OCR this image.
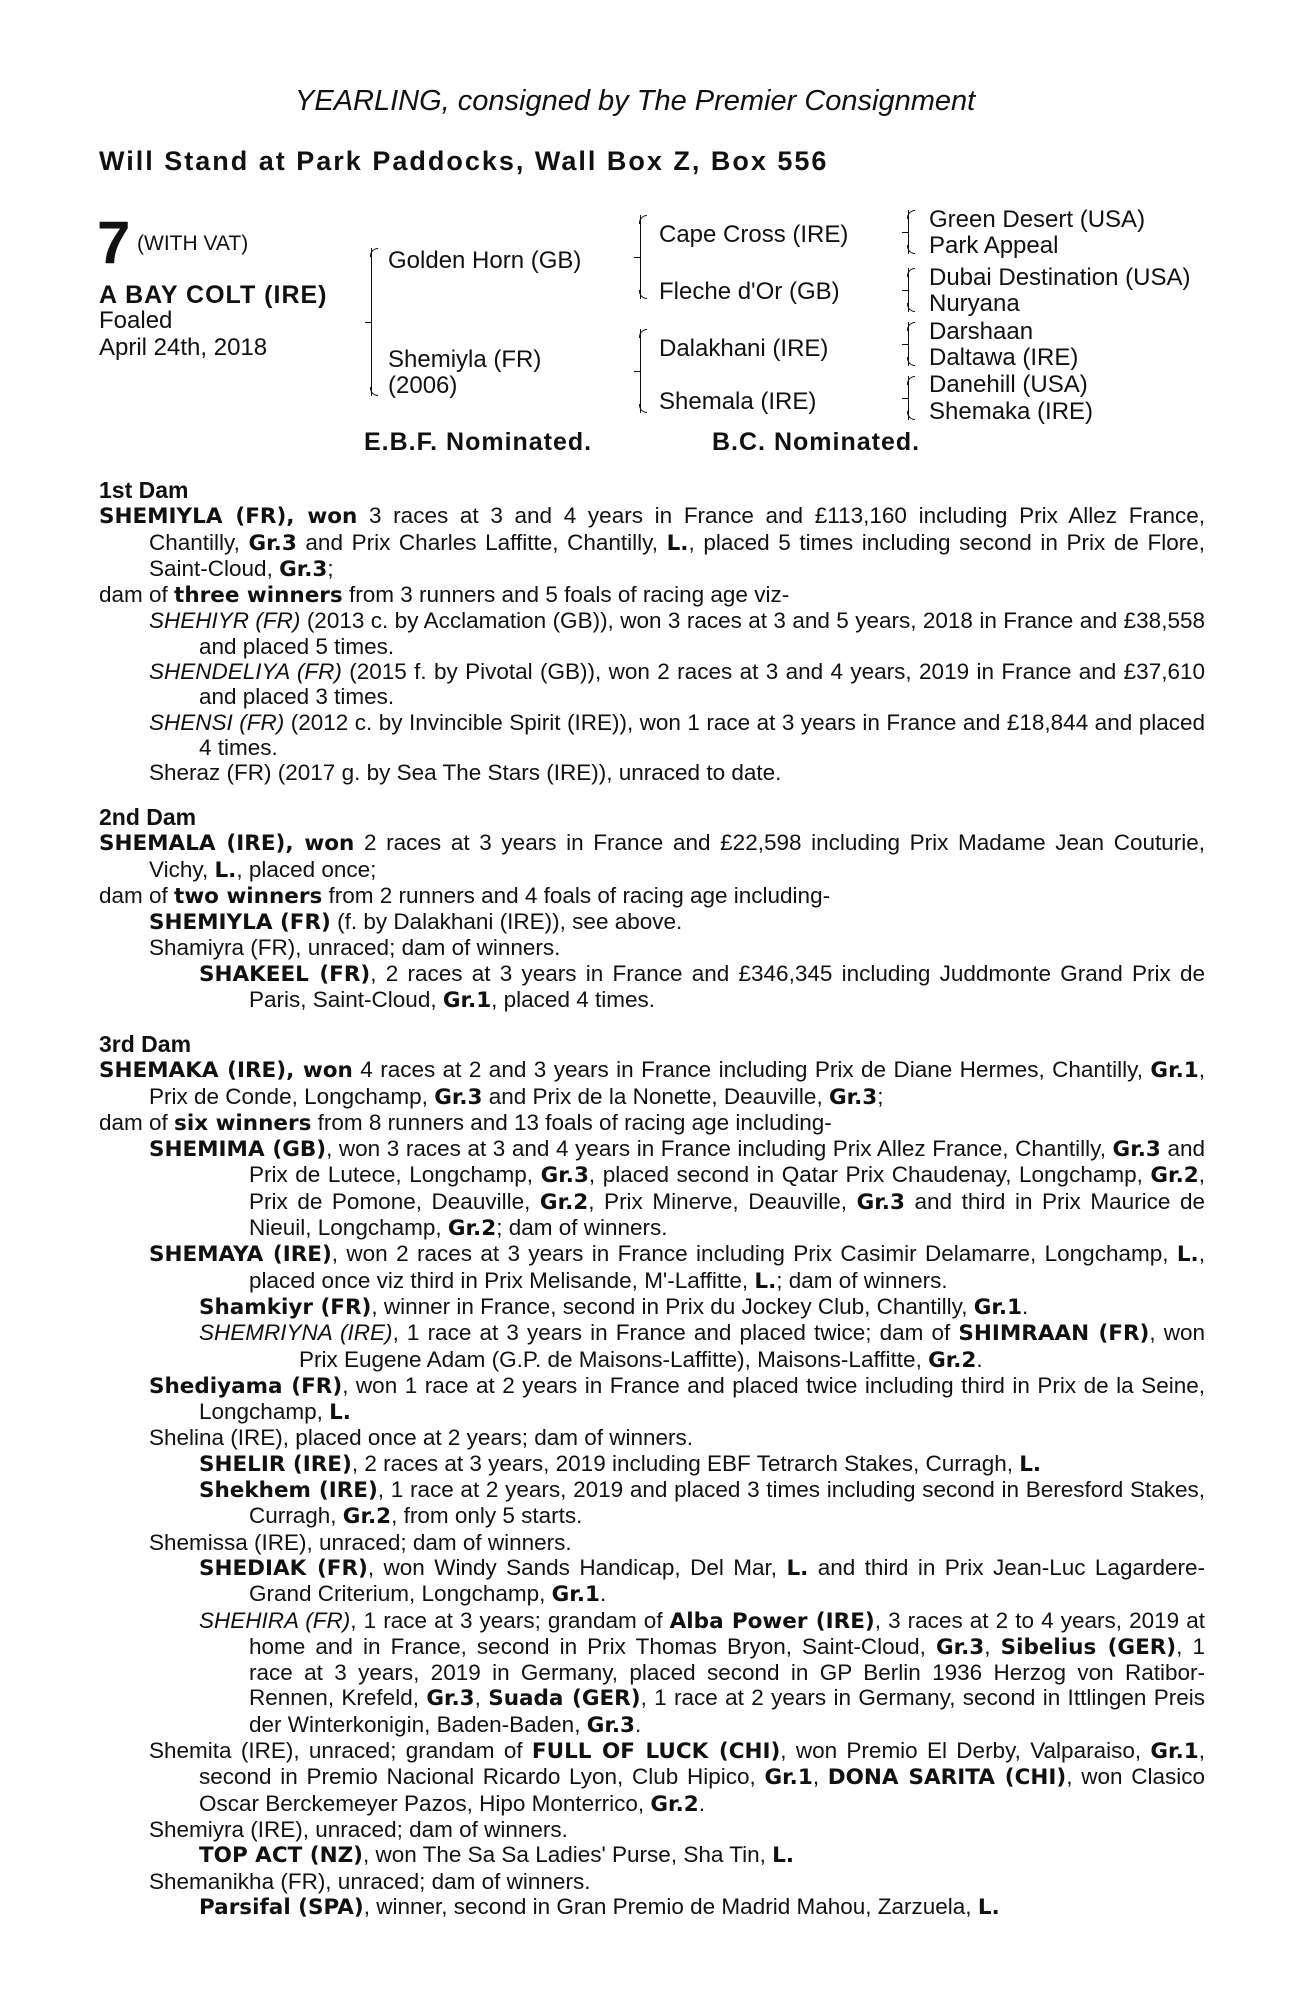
YEARLING, consigned by The Premier Consignment
Will Stand at Park Paddocks, Wall Box Z, Box 556
7 (WITH VAT)
A BAY COLT (IRE)
Foaled
April 24th, 2018
Golden Horn (GB)
Shemiyla (FR)
(2006)
Cape Cross (IRE)
Fleche d'Or (GB)
Dalakhani (IRE)
Shemala (IRE)
Green Desert (USA)
Park Appeal
Dubai Destination (USA)
Nuryana
Darshaan
Daltawa (IRE)
Danehill (USA)
Shemaka (IRE)
E.B.F. Nominated.	B.C. Nominated.
1st Dam

SHEMIYLA (FR), won 3 races at 3 and 4 years in France and £113,160 including Prix Allez France, Chantilly, Gr.3 and Prix Charles Laffitte, Chantilly, L., placed 5 times including second in Prix de Flore, Saint-Cloud, Gr.3;

dam of three winners from 3 runners and 5 foals of racing age viz-

SHEHIYR (FR) (2013 c. by Acclamation (GB)), won 3 races at 3 and 5 years, 2018 in France and £38,558 and placed 5 times.

SHENDELIYA (FR) (2015 f. by Pivotal (GB)), won 2 races at 3 and 4 years, 2019 in France and £37,610 and placed 3 times.

SHENSI (FR) (2012 c. by Invincible Spirit (IRE)), won 1 race at 3 years in France and £18,844 and placed 4 times.

Sheraz (FR) (2017 g. by Sea The Stars (IRE)), unraced to date.

2nd Dam

SHEMALA (IRE), won 2 races at 3 years in France and £22,598 including Prix Madame Jean Couturie, Vichy, L., placed once;

dam of two winners from 2 runners and 4 foals of racing age including-

SHEMIYLA (FR) (f. by Dalakhani (IRE)), see above.

Shamiyra (FR), unraced; dam of winners.

SHAKEEL (FR), 2 races at 3 years in France and £346,345 including Juddmonte Grand Prix de Paris, Saint-Cloud, Gr.1, placed 4 times.

3rd Dam

SHEMAKA (IRE), won 4 races at 2 and 3 years in France including Prix de Diane Hermes, Chantilly, Gr.1, Prix de Conde, Longchamp, Gr.3 and Prix de la Nonette, Deauville, Gr.3;

dam of six winners from 8 runners and 13 foals of racing age including-

SHEMIMA (GB), won 3 races at 3 and 4 years in France including Prix Allez France, Chantilly, Gr.3 and Prix de Lutece, Longchamp, Gr.3, placed second in Qatar Prix Chaudenay, Longchamp, Gr.2, Prix de Pomone, Deauville, Gr.2, Prix Minerve, Deauville, Gr.3 and third in Prix Maurice de Nieuil, Longchamp, Gr.2; dam of winners.

SHEMAYA (IRE), won 2 races at 3 years in France including Prix Casimir Delamarre, Longchamp, L., placed once viz third in Prix Melisande, M'-Laffitte, L.; dam of winners.

Shamkiyr (FR), winner in France, second in Prix du Jockey Club, Chantilly, Gr.1.

SHEMRIYNA (IRE), 1 race at 3 years in France and placed twice; dam of SHIMRAAN (FR), won Prix Eugene Adam (G.P. de Maisons-Laffitte), Maisons-Laffitte, Gr.2.

Shediyama (FR), won 1 race at 2 years in France and placed twice including third in Prix de la Seine, Longchamp, L.

Shelina (IRE), placed once at 2 years; dam of winners.

SHELIR (IRE), 2 races at 3 years, 2019 including EBF Tetrarch Stakes, Curragh, L.

Shekhem (IRE), 1 race at 2 years, 2019 and placed 3 times including second in Beresford Stakes, Curragh, Gr.2, from only 5 starts.

Shemissa (IRE), unraced; dam of winners.

SHEDIAK (FR), won Windy Sands Handicap, Del Mar, L. and third in Prix Jean-Luc Lagardere-Grand Criterium, Longchamp, Gr.1.

SHEHIRA (FR), 1 race at 3 years; grandam of Alba Power (IRE), 3 races at 2 to 4 years, 2019 at home and in France, second in Prix Thomas Bryon, Saint-Cloud, Gr.3, Sibelius (GER), 1 race at 3 years, 2019 in Germany, placed second in GP Berlin 1936 Herzog von Ratibor-Rennen, Krefeld, Gr.3, Suada (GER), 1 race at 2 years in Germany, second in Ittlingen Preis der Winterkonigin, Baden-Baden, Gr.3.

Shemita (IRE), unraced; grandam of FULL OF LUCK (CHI), won Premio El Derby, Valparaiso, Gr.1, second in Premio Nacional Ricardo Lyon, Club Hipico, Gr.1, DONA SARITA (CHI), won Clasico Oscar Berckemeyer Pazos, Hipo Monterrico, Gr.2.

Shemiyra (IRE), unraced; dam of winners.

TOP ACT (NZ), won The Sa Sa Ladies' Purse, Sha Tin, L.

Shemanikha (FR), unraced; dam of winners.

Parsifal (SPA), winner, second in Gran Premio de Madrid Mahou, Zarzuela, L.
